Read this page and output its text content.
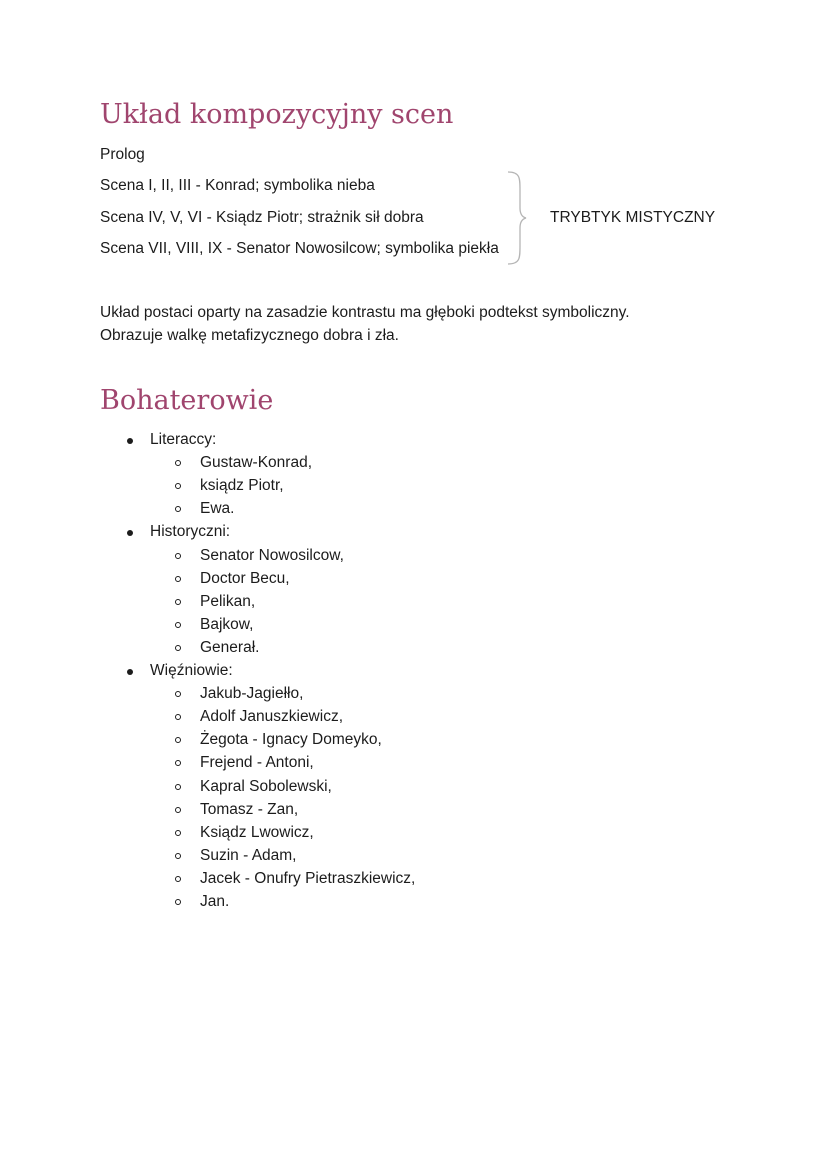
Układ kompozycyjny scen
Prolog
Scena I, II, III - Konrad; symbolika nieba
Scena IV, V, VI - Ksiądz Piotr; strażnik sił dobra
Scena VII, VIII, IX - Senator Nowosilcow; symbolika piekła
TRYBTYK MISTYCZNY
Układ postaci oparty na zasadzie kontrastu ma głęboki podtekst symboliczny.
Obrazuje walkę metafizycznego dobra i zła.
Bohaterowie
Literaccy:
Gustaw-Konrad,
ksiądz Piotr,
Ewa.
Historyczni:
Senator Nowosilcow,
Doctor Becu,
Pelikan,
Bajkow,
Generał.
Więźniowie:
Jakub-Jagiełło,
Adolf Januszkiewicz,
Żegota - Ignacy Domeyko,
Frejend - Antoni,
Kapral Sobolewski,
Tomasz - Zan,
Ksiądz Lwowicz,
Suzin - Adam,
Jacek - Onufry Pietraszkiewicz,
Jan.
